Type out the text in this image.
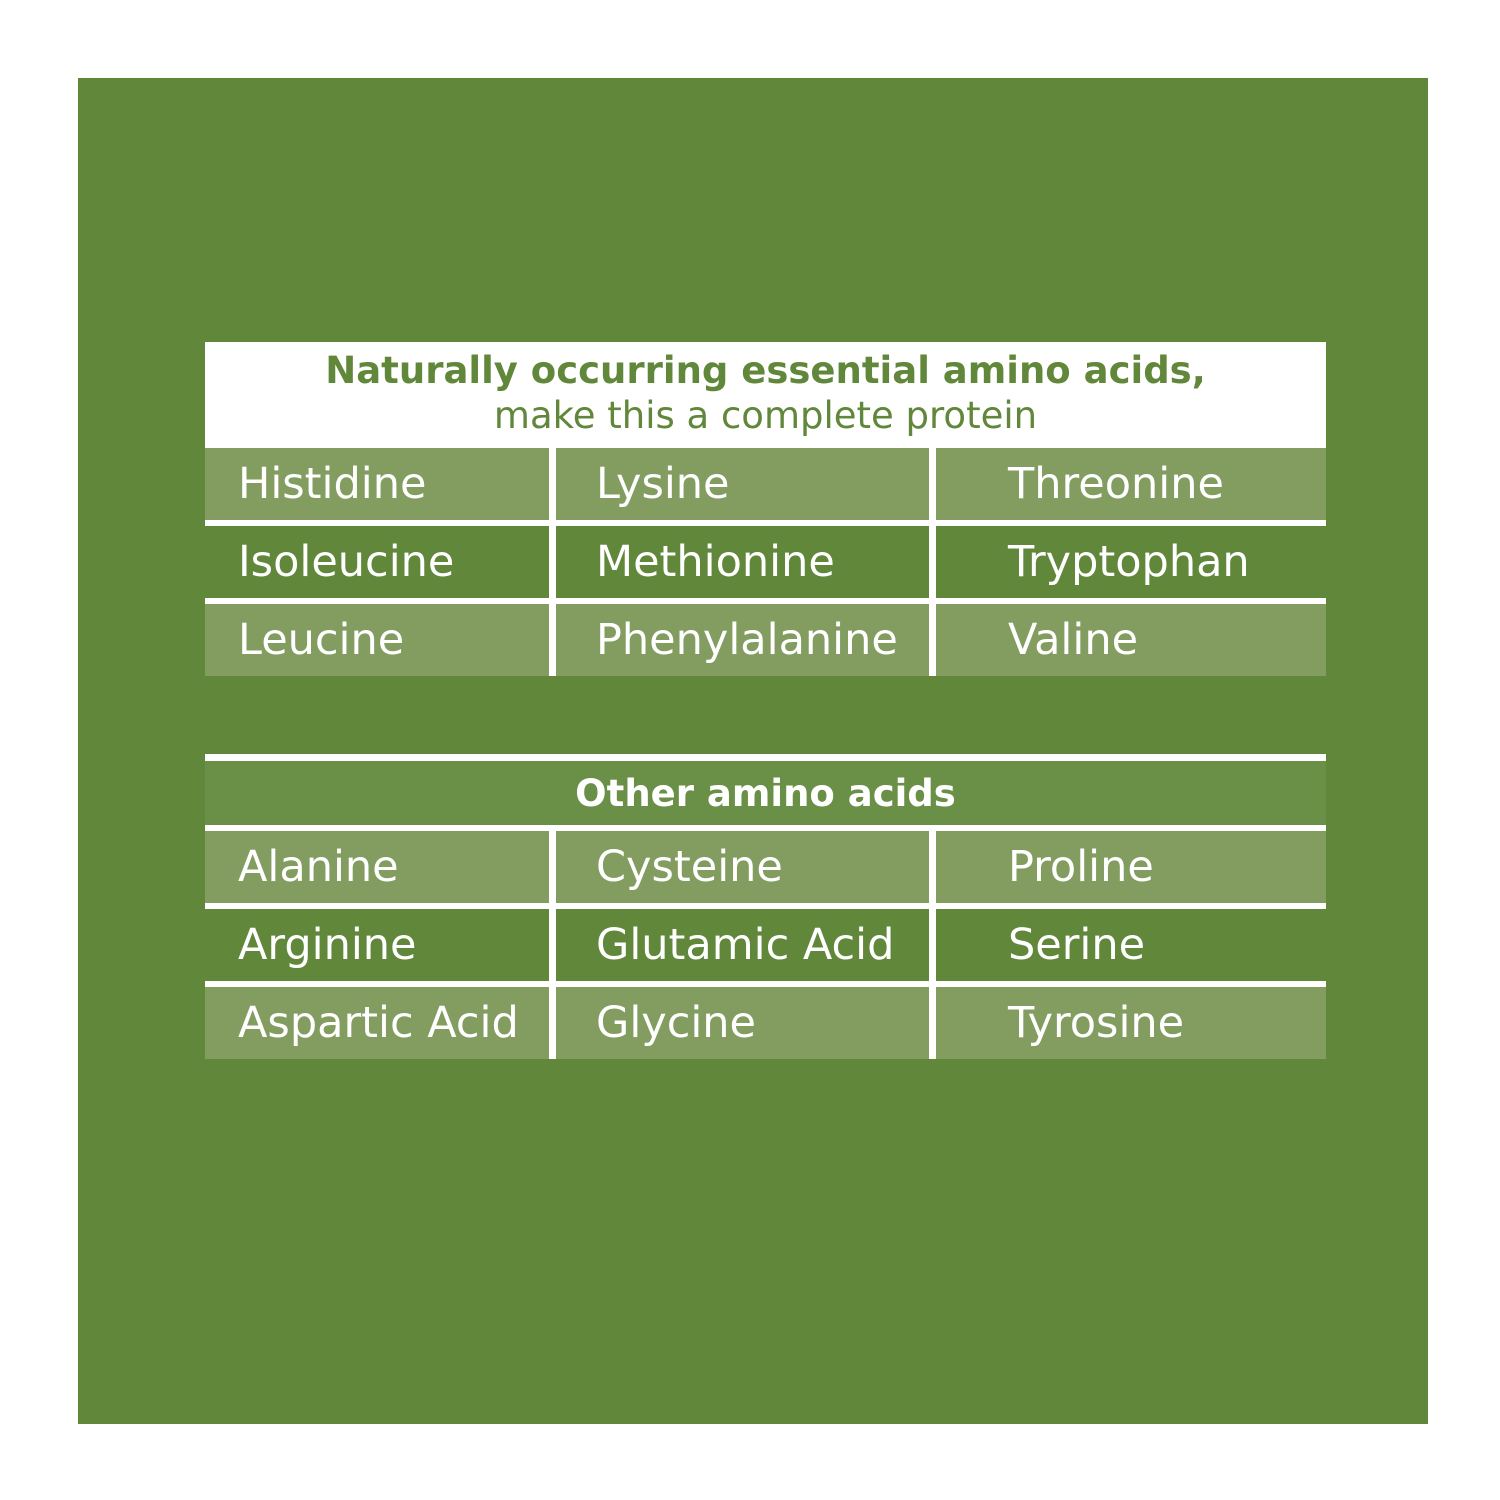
Naturally occurring essential amino acids,
make this a complete protein
Histidine	Lysine	Threonine
Isoleucine	Methionine	Tryptophan
Leucine	Phenylalanine	Valine
Other amino acids
Alanine	Cysteine	Proline
Arginine	Glutamic Acid	Serine
Aspartic Acid	Glycine	Tyrosine
